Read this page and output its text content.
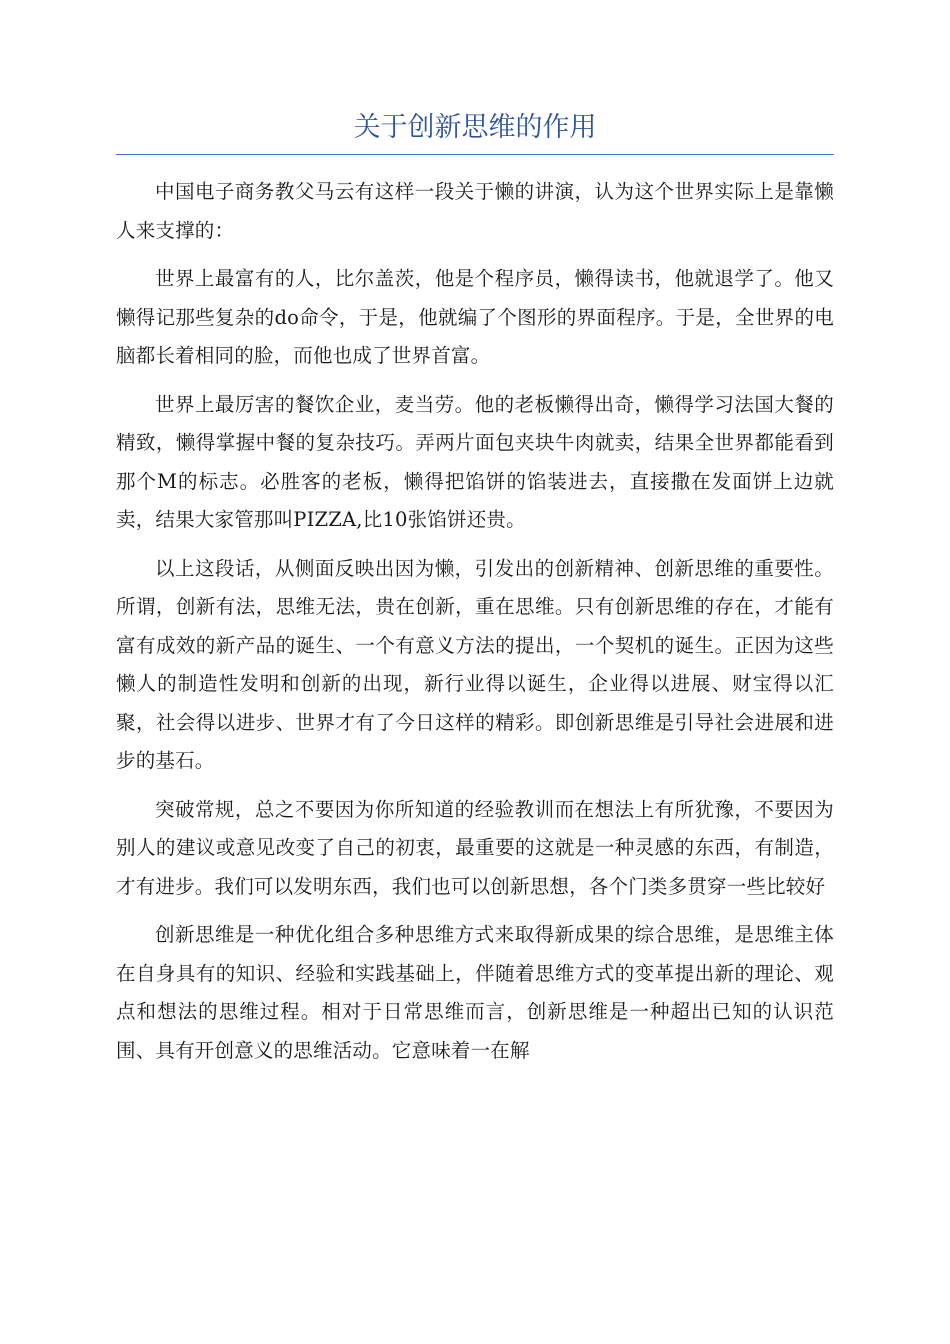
关于创新思维的作用

中国电子商务教父马云有这样一段关于懒的讲演，认为这个世界实际上是靠懒人来支撑的：

世界上最富有的人，比尔盖茨，他是个程序员，懒得读书，他就退学了。他又懒得记那些复杂的do命令，于是，他就编了个图形的界面程序。于是，全世界的电脑都长着相同的脸，而他也成了世界首富。

世界上最厉害的餐饮企业，麦当劳。他的老板懒得出奇，懒得学习法国大餐的精致，懒得掌握中餐的复杂技巧。弄两片面包夹块牛肉就卖，结果全世界都能看到那个M的标志。必胜客的老板，懒得把馅饼的馅装进去，直接撒在发面饼上边就卖，结果大家管那叫PIZZA,比10张馅饼还贵。

以上这段话，从侧面反映出因为懒，引发出的创新精神、创新思维的重要性。所谓，创新有法，思维无法，贵在创新，重在思维。只有创新思维的存在，才能有富有成效的新产品的诞生、一个有意义方法的提出，一个契机的诞生。正因为这些懒人的制造性发明和创新的出现，新行业得以诞生，企业得以进展、财宝得以汇聚，社会得以进步、世界才有了今日这样的精彩。即创新思维是引导社会进展和进步的基石。

突破常规，总之不要因为你所知道的经验教训而在想法上有所犹豫，不要因为别人的建议或意见改变了自己的初衷，最重要的这就是一种灵感的东西，有制造，才有进步。我们可以发明东西，我们也可以创新思想，各个门类多贯穿一些比较好

创新思维是一种优化组合多种思维方式来取得新成果的综合思维，是思维主体在自身具有的知识、经验和实践基础上，伴随着思维方式的变革提出新的理论、观点和想法的思维过程。相对于日常思维而言，创新思维是一种超出已知的认识范围、具有开创意义的思维活动。它意味着一在解
